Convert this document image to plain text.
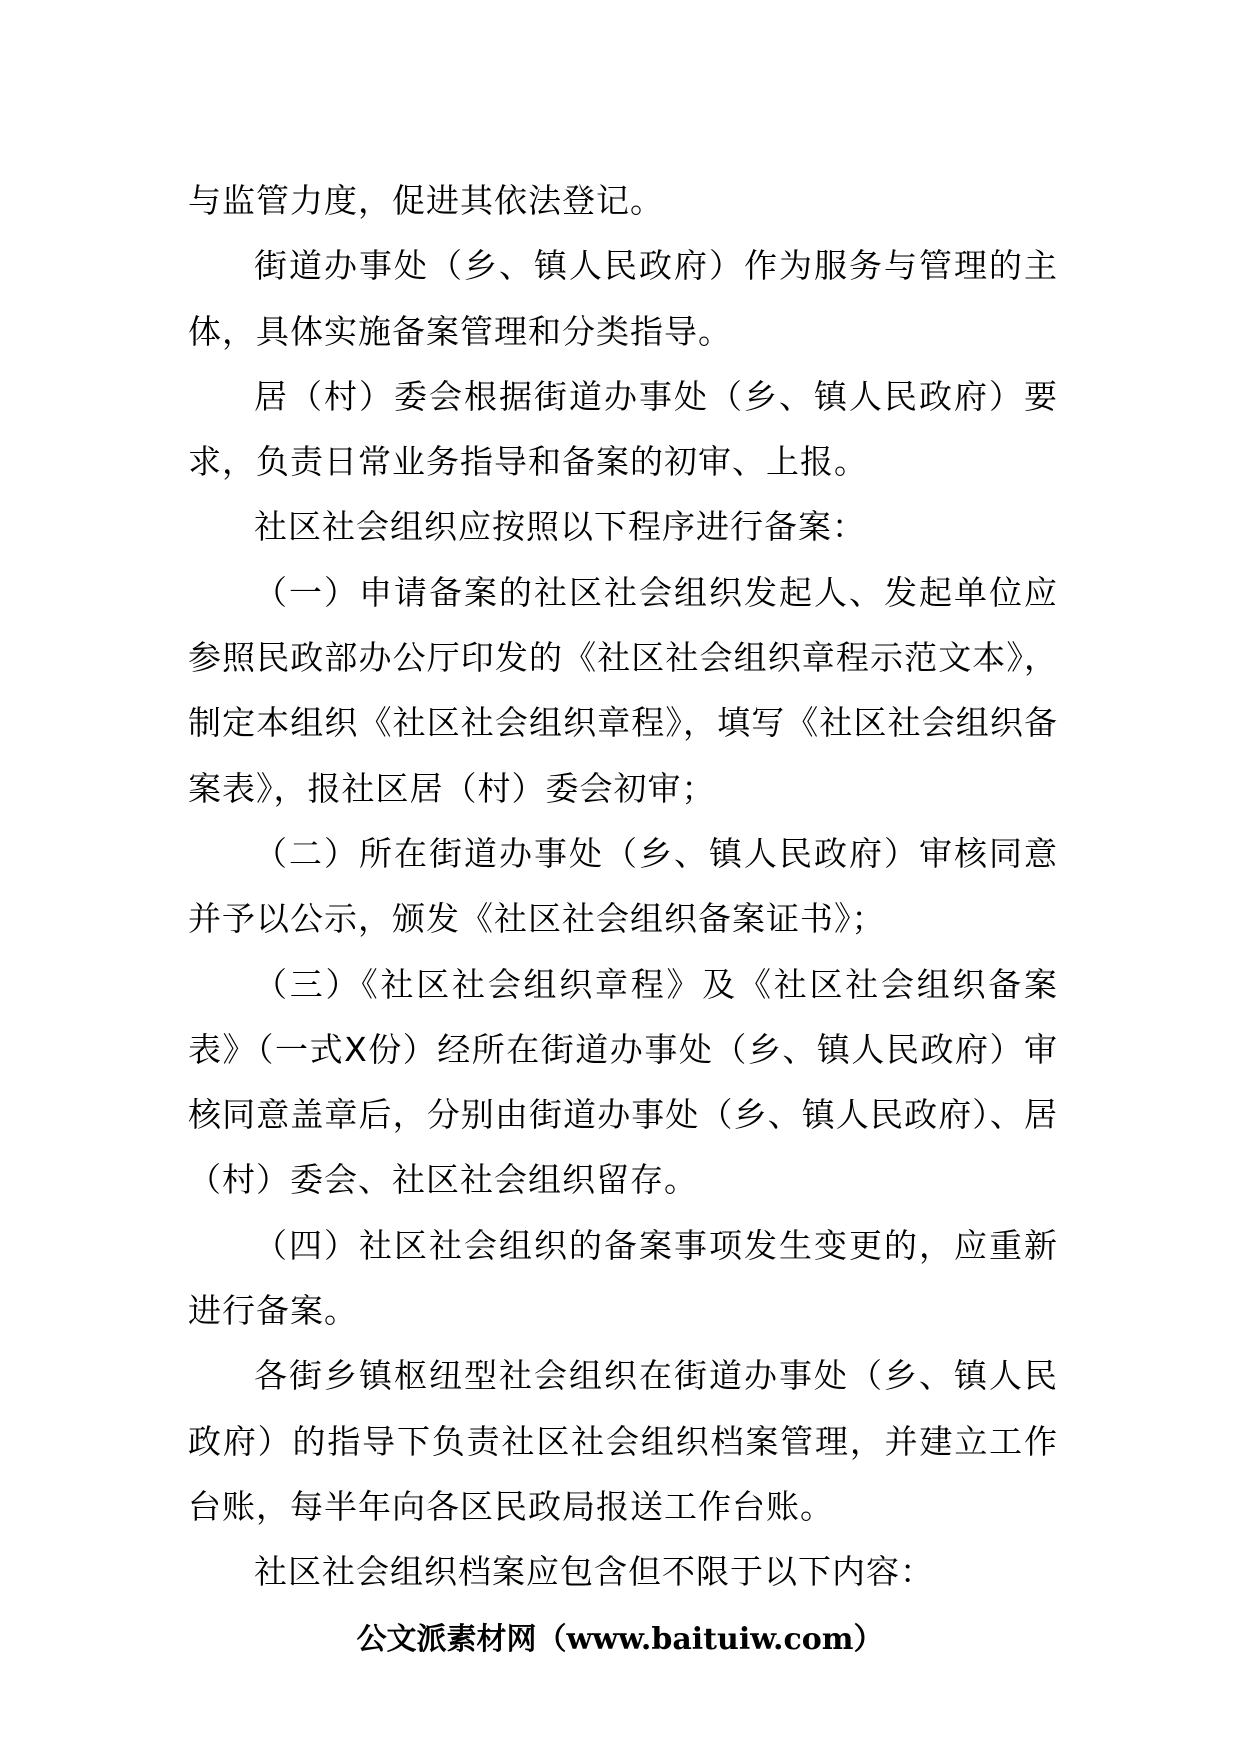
与监管力度，促进其依法登记。

街道办事处（乡、镇人民政府）作为服务与管理的主体，具体实施备案管理和分类指导。

居（村）委会根据街道办事处（乡、镇人民政府）要求，负责日常业务指导和备案的初审、上报。

社区社会组织应按照以下程序进行备案：

（一）申请备案的社区社会组织发起人、发起单位应参照民政部办公厅印发的《社区社会组织章程示范文本》，制定本组织《社区社会组织章程》，填写《社区社会组织备案表》，报社区居（村）委会初审；

（二）所在街道办事处（乡、镇人民政府）审核同意并予以公示，颁发《社区社会组织备案证书》；

（三）《社区社会组织章程》及《社区社会组织备案表》（一式X份）经所在街道办事处（乡、镇人民政府）审核同意盖章后，分别由街道办事处（乡、镇人民政府）、居（村）委会、社区社会组织留存。

（四）社区社会组织的备案事项发生变更的，应重新进行备案。

各街乡镇枢纽型社会组织在街道办事处（乡、镇人民政府）的指导下负责社区社会组织档案管理，并建立工作台账，每半年向各区民政局报送工作台账。

社区社会组织档案应包含但不限于以下内容：

公文派素材网（www.baituiw.com）
